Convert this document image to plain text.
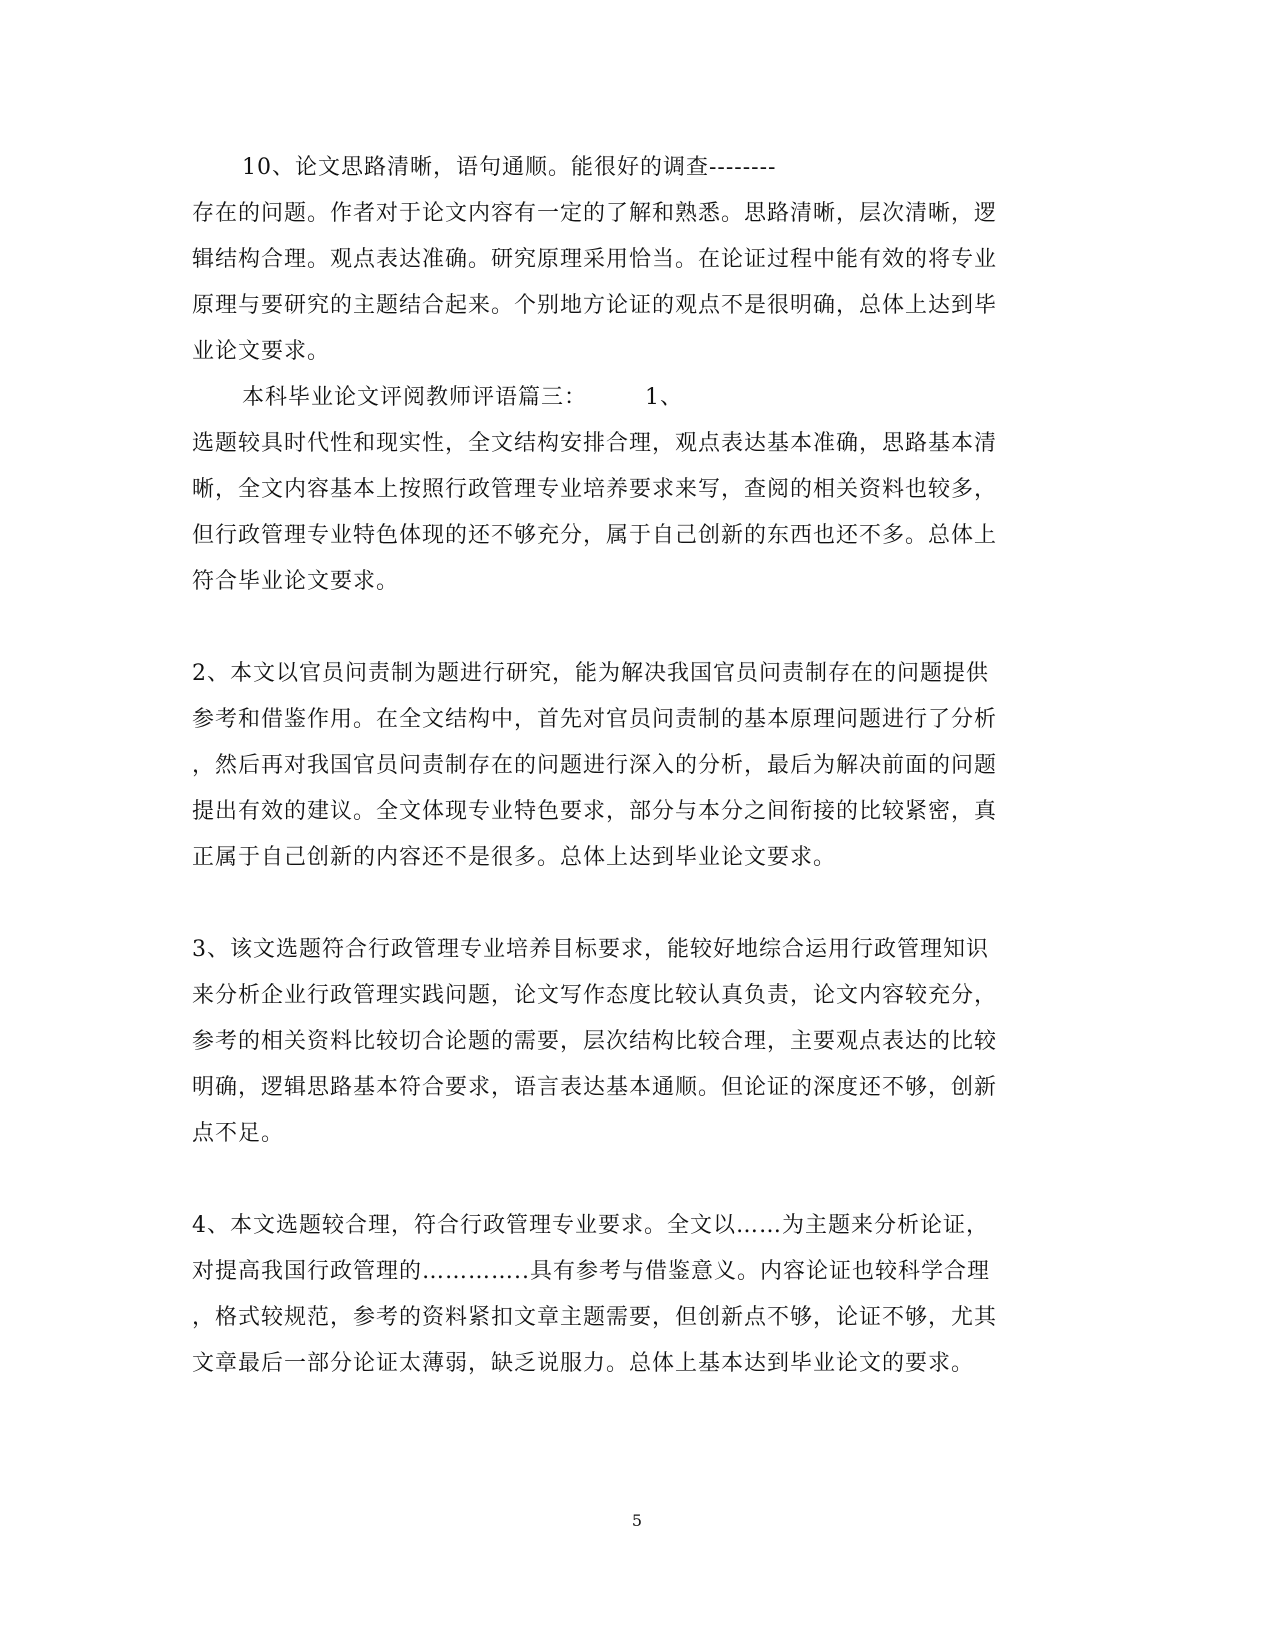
10、论文思路清晰，语句通顺。能很好的调查--------
存在的问题。作者对于论文内容有一定的了解和熟悉。思路清晰，层次清晰，逻
辑结构合理。观点表达准确。研究原理采用恰当。在论证过程中能有效的将专业
原理与要研究的主题结合起来。个别地方论证的观点不是很明确，总体上达到毕
业论文要求。
本科毕业论文评阅教师评语篇三：　　　1、
选题较具时代性和现实性，全文结构安排合理，观点表达基本准确，思路基本清
晰，全文内容基本上按照行政管理专业培养要求来写，查阅的相关资料也较多，
但行政管理专业特色体现的还不够充分，属于自己创新的东西也还不多。总体上
符合毕业论文要求。
2、本文以官员问责制为题进行研究，能为解决我国官员问责制存在的问题提供
参考和借鉴作用。在全文结构中，首先对官员问责制的基本原理问题进行了分析
，然后再对我国官员问责制存在的问题进行深入的分析，最后为解决前面的问题
提出有效的建议。全文体现专业特色要求，部分与本分之间衔接的比较紧密，真
正属于自己创新的内容还不是很多。总体上达到毕业论文要求。
3、该文选题符合行政管理专业培养目标要求，能较好地综合运用行政管理知识
来分析企业行政管理实践问题，论文写作态度比较认真负责，论文内容较充分，
参考的相关资料比较切合论题的需要，层次结构比较合理，主要观点表达的比较
明确，逻辑思路基本符合要求，语言表达基本通顺。但论证的深度还不够，创新
点不足。
4、本文选题较合理，符合行政管理专业要求。全文以……为主题来分析论证，
对提高我国行政管理的…………..具有参考与借鉴意义。内容论证也较科学合理
，格式较规范，参考的资料紧扣文章主题需要，但创新点不够，论证不够，尤其
文章最后一部分论证太薄弱，缺乏说服力。总体上基本达到毕业论文的要求。
5
